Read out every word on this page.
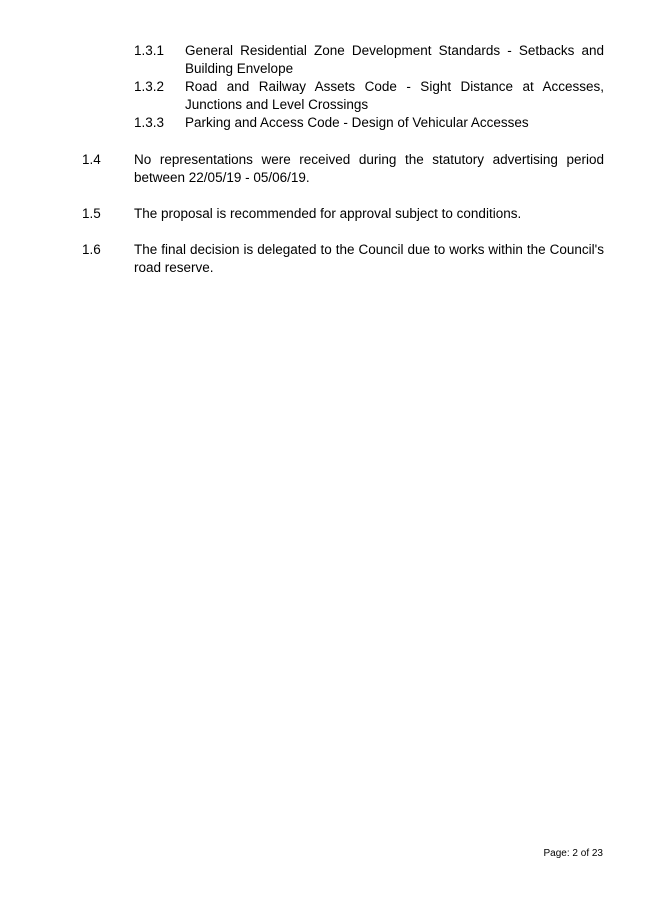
1.3.1	General Residential Zone Development Standards - Setbacks and Building Envelope
1.3.2	Road and Railway Assets Code - Sight Distance at Accesses, Junctions and Level Crossings
1.3.3	Parking and Access Code - Design of Vehicular Accesses
1.4	No representations were received during the statutory advertising period between 22/05/19 - 05/06/19.
1.5	The proposal is recommended for approval subject to conditions.
1.6	The final decision is delegated to the Council due to works within the Council's road reserve.
Page: 2 of 23
